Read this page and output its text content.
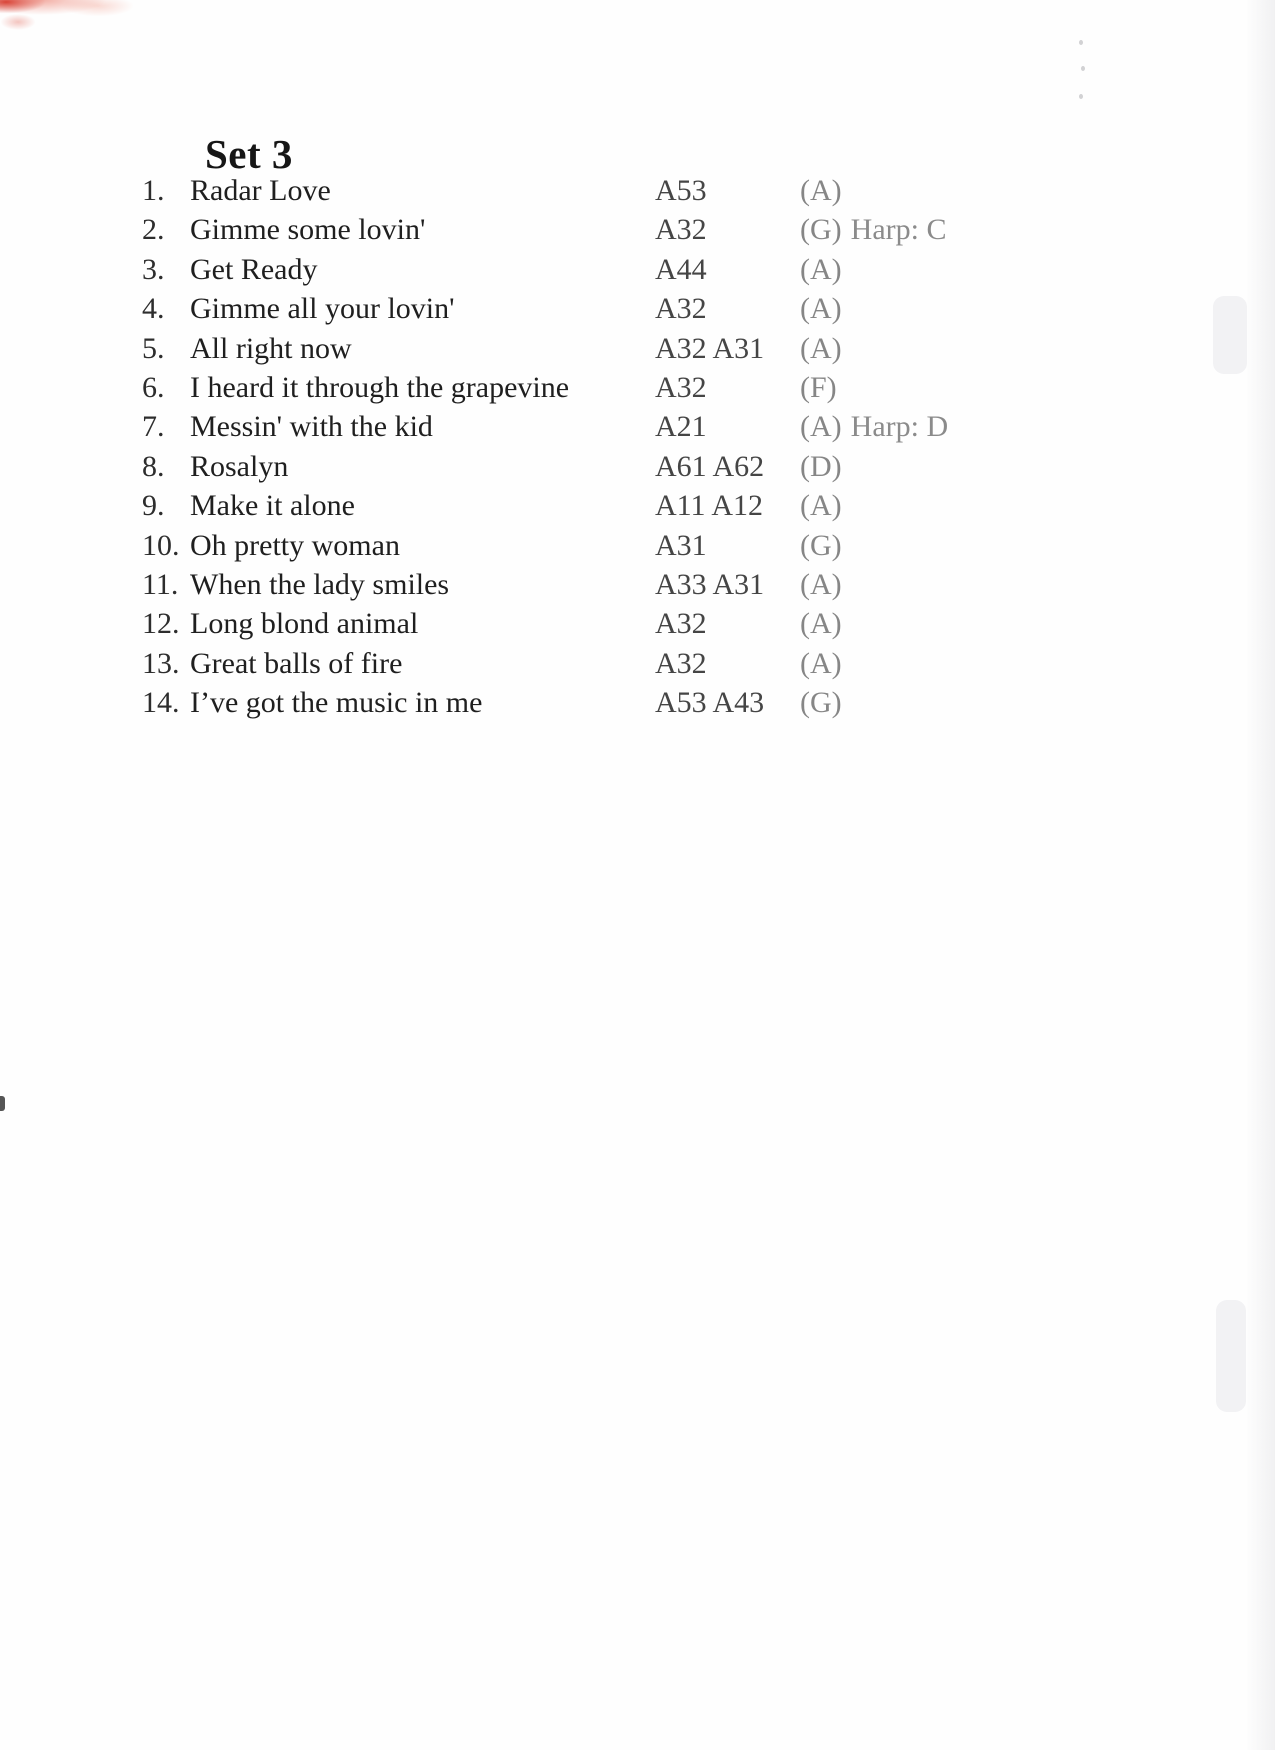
Set 3
1. Radar Love	A53	(A)
2. Gimme some lovin'	A32	(G) Harp: C
3. Get Ready	A44	(A)
4. Gimme all your lovin'	A32	(A)
5. All right now	A32 A31 (A)
6. I heard it through the grapevine	A32	(F)
7. Messin' with the kid	A21	(A) Harp: D
8. Rosalyn	A61 A62 (D)
9. Make it alone	A11 A12 (A)
10. Oh pretty woman	A31	(G)
11. When the lady smiles	A33 A31 (A)
12. Long blond animal	A32	(A)
13. Great balls of fire	A32	(A)
14. I’ve got the music in me	A53 A43 (G)
